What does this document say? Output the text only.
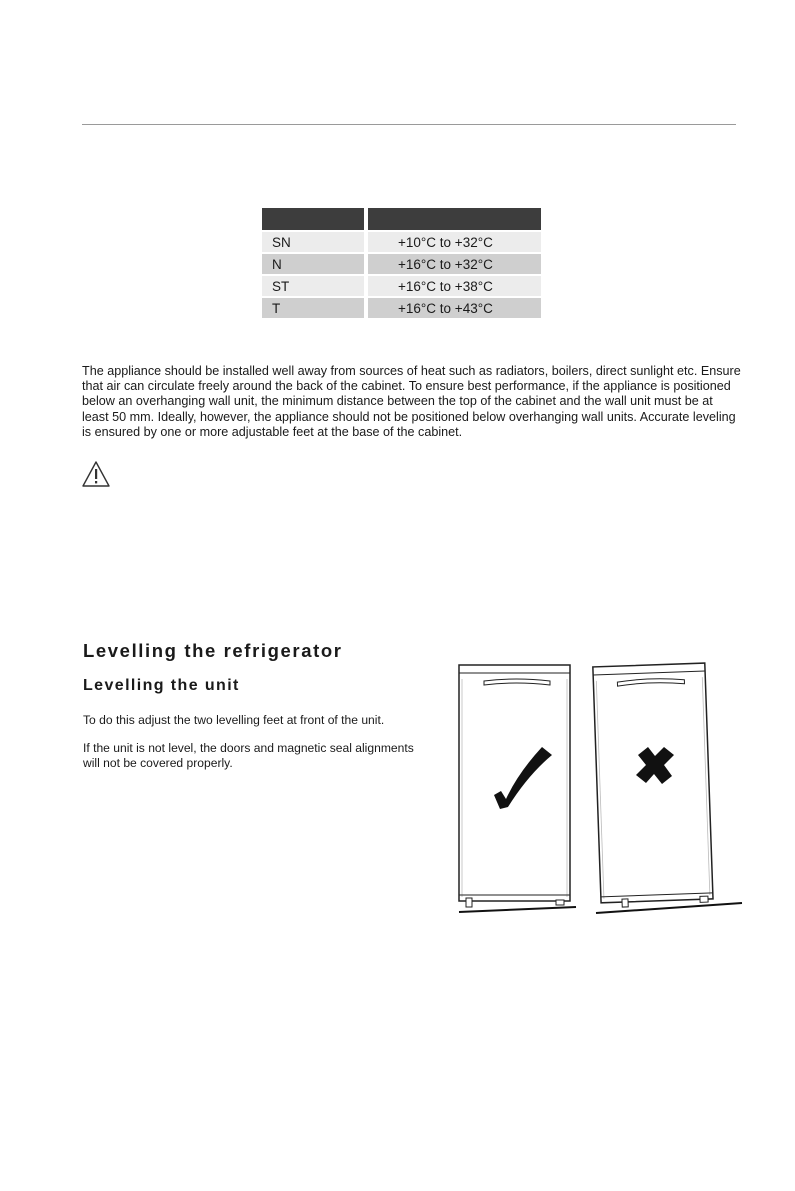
SN	+10°C to +32°C
N	+16°C to +32°C
ST	+16°C to +38°C
T	+16°C to +43°C

The appliance should be installed well away from sources of heat such as radiators, boilers, direct sunlight etc. Ensure that air can circulate freely around the back of the cabinet. To ensure best performance, if the appliance is positioned below an overhanging wall unit, the minimum distance between the top of the cabinet and the wall unit must be at least 50 mm. Ideally, however, the appliance should not be positioned below overhanging wall units. Accurate leveling is ensured by one or more adjustable feet at the base of the cabinet.

Levelling the refrigerator
Levelling the unit

To do this adjust the two levelling feet at front of the unit.

If the unit is not level, the doors and magnetic seal alignments will not be covered properly.
